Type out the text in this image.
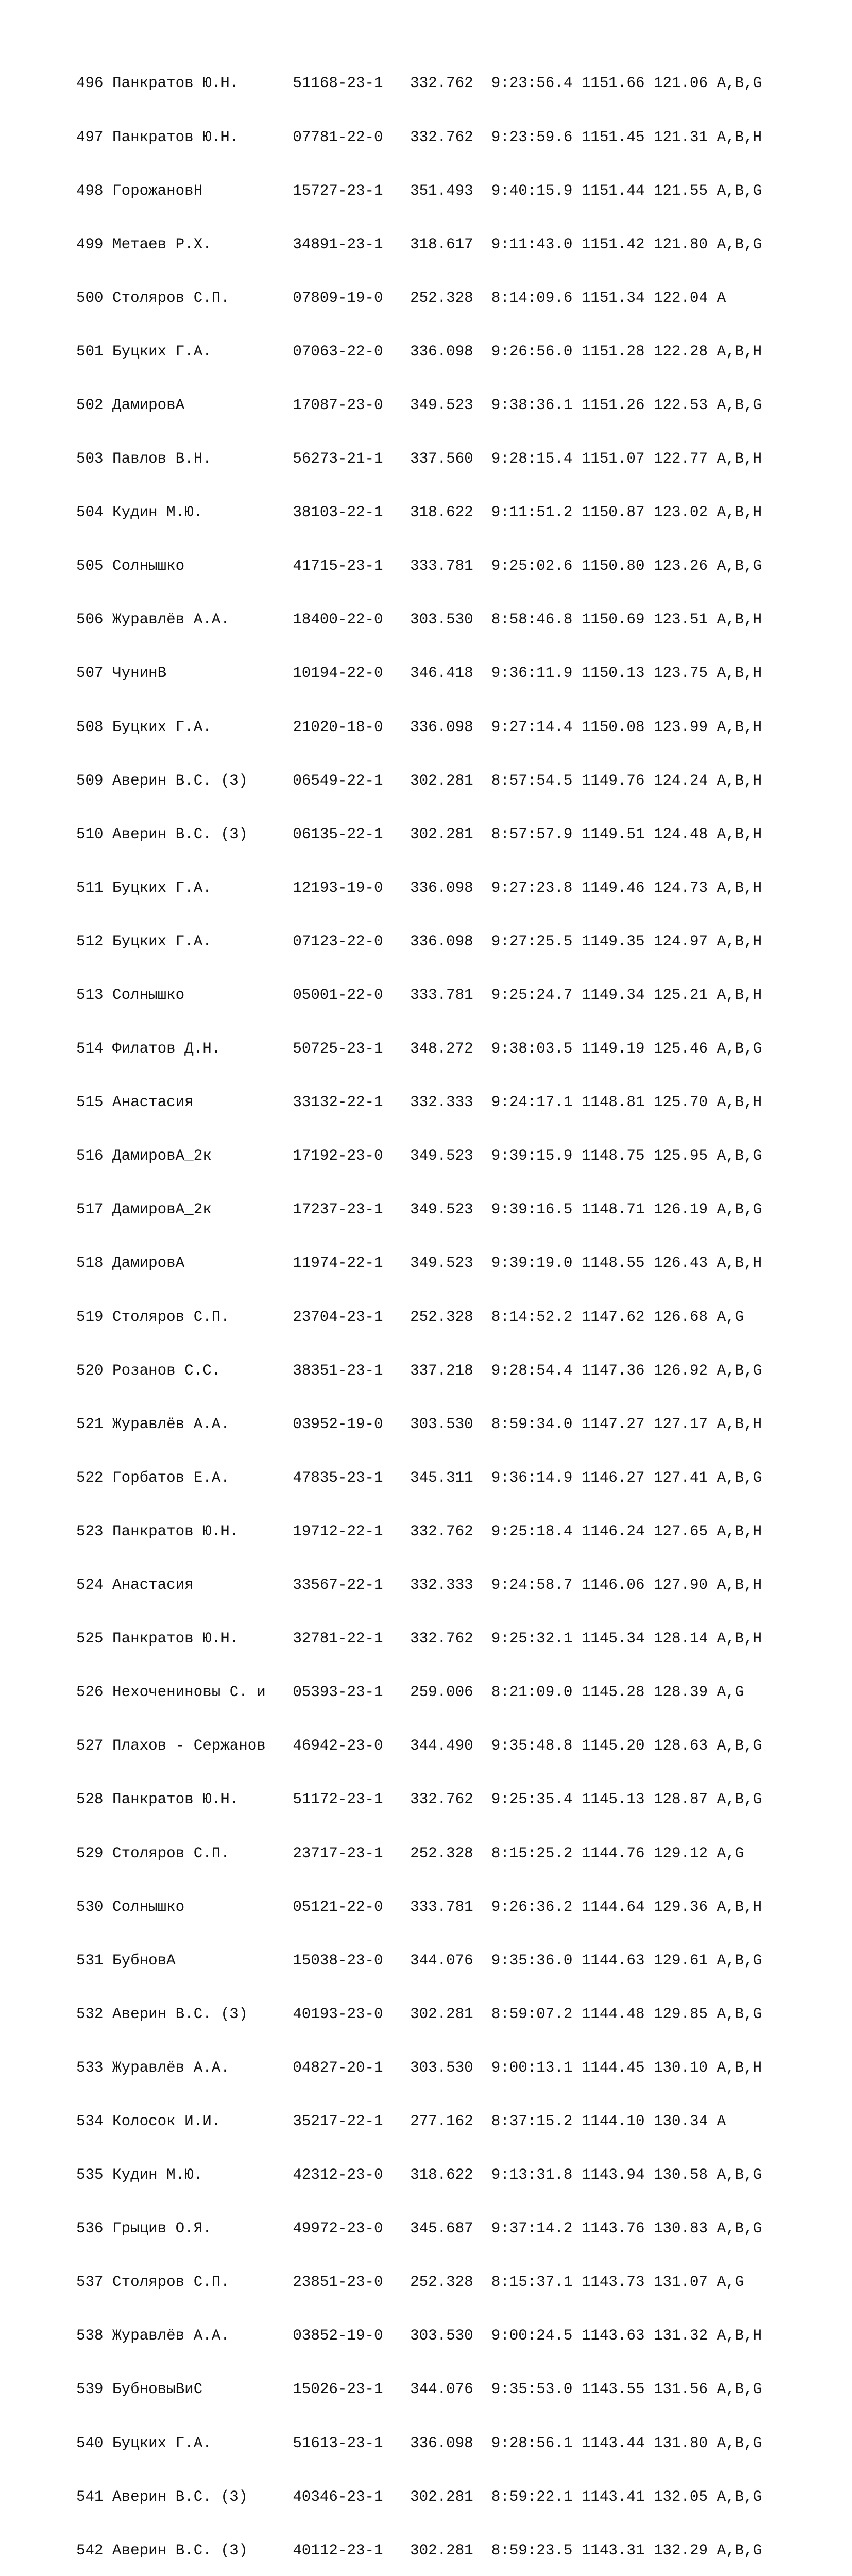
496 Панкратов Ю.Н.      51168-23-1   332.762  9:23:56.4 1151.66 121.06 A,B,G

497 Панкратов Ю.Н.      07781-22-0   332.762  9:23:59.6 1151.45 121.31 A,B,H

498 ГорожановН          15727-23-1   351.493  9:40:15.9 1151.44 121.55 A,B,G

499 Метаев Р.Х.         34891-23-1   318.617  9:11:43.0 1151.42 121.80 A,B,G

500 Столяров С.П.       07809-19-0   252.328  8:14:09.6 1151.34 122.04 A

501 Буцких Г.А.         07063-22-0   336.098  9:26:56.0 1151.28 122.28 A,B,H

502 ДамировА            17087-23-0   349.523  9:38:36.1 1151.26 122.53 A,B,G

503 Павлов В.Н.         56273-21-1   337.560  9:28:15.4 1151.07 122.77 A,B,H

504 Кудин М.Ю.          38103-22-1   318.622  9:11:51.2 1150.87 123.02 A,B,H

505 Солнышко            41715-23-1   333.781  9:25:02.6 1150.80 123.26 A,B,G

506 Журавлёв А.А.       18400-22-0   303.530  8:58:46.8 1150.69 123.51 A,B,H

507 ЧунинВ              10194-22-0   346.418  9:36:11.9 1150.13 123.75 A,B,H

508 Буцких Г.А.         21020-18-0   336.098  9:27:14.4 1150.08 123.99 A,B,H

509 Аверин В.С. (З)     06549-22-1   302.281  8:57:54.5 1149.76 124.24 A,B,H

510 Аверин В.С. (З)     06135-22-1   302.281  8:57:57.9 1149.51 124.48 A,B,H

511 Буцких Г.А.         12193-19-0   336.098  9:27:23.8 1149.46 124.73 A,B,H

512 Буцких Г.А.         07123-22-0   336.098  9:27:25.5 1149.35 124.97 A,B,H

513 Солнышко            05001-22-0   333.781  9:25:24.7 1149.34 125.21 A,B,H

514 Филатов Д.Н.        50725-23-1   348.272  9:38:03.5 1149.19 125.46 A,B,G

515 Анастасия           33132-22-1   332.333  9:24:17.1 1148.81 125.70 A,B,H

516 ДамировА_2к         17192-23-0   349.523  9:39:15.9 1148.75 125.95 A,B,G

517 ДамировА_2к         17237-23-1   349.523  9:39:16.5 1148.71 126.19 A,B,G

518 ДамировА            11974-22-1   349.523  9:39:19.0 1148.55 126.43 A,B,H

519 Столяров С.П.       23704-23-1   252.328  8:14:52.2 1147.62 126.68 A,G

520 Розанов С.С.        38351-23-1   337.218  9:28:54.4 1147.36 126.92 A,B,G

521 Журавлёв А.А.       03952-19-0   303.530  8:59:34.0 1147.27 127.17 A,B,H

522 Горбатов Е.А.       47835-23-1   345.311  9:36:14.9 1146.27 127.41 A,B,G

523 Панкратов Ю.Н.      19712-22-1   332.762  9:25:18.4 1146.24 127.65 A,B,H

524 Анастасия           33567-22-1   332.333  9:24:58.7 1146.06 127.90 A,B,H

525 Панкратов Ю.Н.      32781-22-1   332.762  9:25:32.1 1145.34 128.14 A,B,H

526 Нехочениновы С. и   05393-23-1   259.006  8:21:09.0 1145.28 128.39 A,G

527 Плахов - Сержанов   46942-23-0   344.490  9:35:48.8 1145.20 128.63 A,B,G

528 Панкратов Ю.Н.      51172-23-1   332.762  9:25:35.4 1145.13 128.87 A,B,G

529 Столяров С.П.       23717-23-1   252.328  8:15:25.2 1144.76 129.12 A,G

530 Солнышко            05121-22-0   333.781  9:26:36.2 1144.64 129.36 A,B,H

531 БубновА             15038-23-0   344.076  9:35:36.0 1144.63 129.61 A,B,G

532 Аверин В.С. (З)     40193-23-0   302.281  8:59:07.2 1144.48 129.85 A,B,G

533 Журавлёв А.А.       04827-20-1   303.530  9:00:13.1 1144.45 130.10 A,B,H

534 Колосок И.И.        35217-22-1   277.162  8:37:15.2 1144.10 130.34 A

535 Кудин М.Ю.          42312-23-0   318.622  9:13:31.8 1143.94 130.58 A,B,G

536 Грыцив О.Я.         49972-23-0   345.687  9:37:14.2 1143.76 130.83 A,B,G

537 Столяров С.П.       23851-23-0   252.328  8:15:37.1 1143.73 131.07 A,G

538 Журавлёв А.А.       03852-19-0   303.530  9:00:24.5 1143.63 131.32 A,B,H

539 БубновыВиС          15026-23-1   344.076  9:35:53.0 1143.55 131.56 A,B,G

540 Буцких Г.А.         51613-23-1   336.098  9:28:56.1 1143.44 131.80 A,B,G

541 Аверин В.С. (З)     40346-23-1   302.281  8:59:22.1 1143.41 132.05 A,B,G

542 Аверин В.С. (З)     40112-23-1   302.281  8:59:23.5 1143.31 132.29 A,B,G
